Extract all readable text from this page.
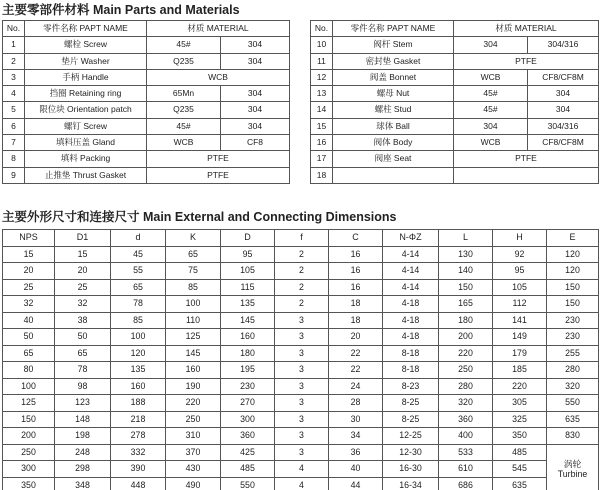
主要零部件材料 Main Parts and Materials
No.	零件名称 PAPT NAME	材质 MATERIAL	
1	螺栓 Screw	45#	304
2	垫片 Washer	Q235	304
3	手柄 Handle	WCB	
4	挡圈 Retaining ring	65Mn	304
5	限位块 Orientation patch	Q235	304
6	螺钉 Screw	45#	304
7	填料压盖 Gland	WCB	CF8
8	填料 Packing	PTFE	
9	止推垫 Thrust Gasket	PTFE	
No.	零件名称 PAPT NAME	材质 MATERIAL	
10	阀杆 Stem	304	304/316
11	密封垫 Gasket	PTFE	
12	阀盖 Bonnet	WCB	CF8/CF8M
13	螺母 Nut	45#	304
14	螺柱 Stud	45#	304
15	球体 Ball	304	304/316
16	阀体 Body	WCB	CF8/CF8M
17	阀座 Seat	PTFE	
18			
主要外形尺寸和连接尺寸 Main External and Connecting Dimensions
NPS	D1	d	K	D	f	C	N-ΦZ	L	H	E
15	15	45	65	95	2	16	4-14	130	92	120
20	20	55	75	105	2	16	4-14	140	95	120
25	25	65	85	115	2	16	4-14	150	105	150
32	32	78	100	135	2	18	4-18	165	112	150
40	38	85	110	145	3	18	4-18	180	141	230
50	50	100	125	160	3	20	4-18	200	149	230
65	65	120	145	180	3	22	8-18	220	179	255
80	78	135	160	195	3	22	8-18	250	185	280
100	98	160	190	230	3	24	8-23	280	220	320
125	123	188	220	270	3	28	8-25	320	305	550
150	148	218	250	300	3	30	8-25	360	325	635
200	198	278	310	360	3	34	12-25	400	350	830
250	248	332	370	425	3	36	12-30	533	485	涡轮
Turbine

300	298	390	430	485	4	40	16-30	610	545	
350	348	448	490	550	4	44	16-34	686	635	
